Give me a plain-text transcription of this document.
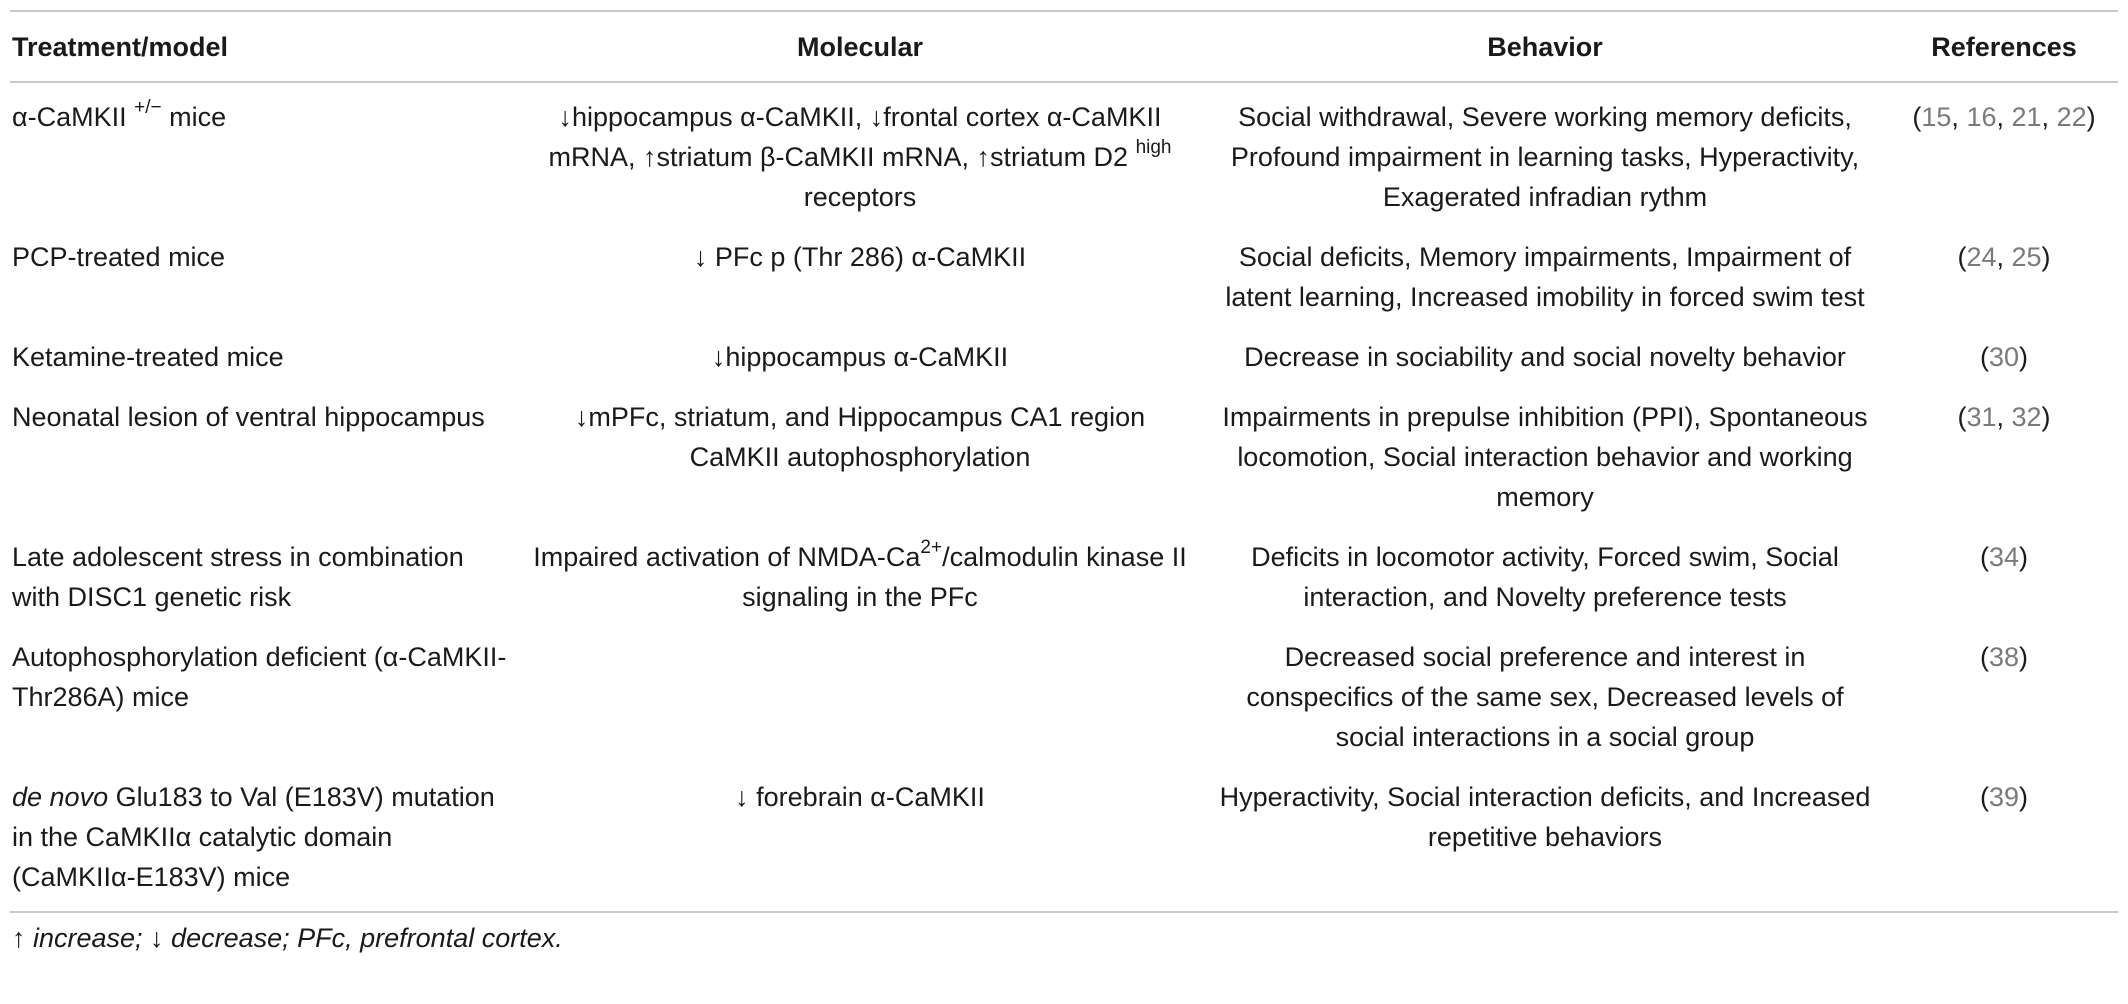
Treatment/model	Molecular	Behavior	References
α-CaMKII +/− mice	↓hippocampus α-CaMKII, ↓frontal cortex α-CaMKII mRNA, ↑striatum β-CaMKII mRNA, ↑striatum D2 $^{high}$ receptors	Social withdrawal, Severe working memory deficits, Profound impairment in learning tasks, Hyperactivity, Exagerated infradian rythm	(15, 16, 21, 22)
PCP-treated mice	↓ PFc p (Thr 286) α-CaMKII	Social deficits, Memory impairments, Impairment of latent learning, Increased imobility in forced swim test	(24, 25)
Ketamine-treated mice	↓hippocampus α-CaMKII	Decrease in sociability and social novelty behavior	(30)
Neonatal lesion of ventral hippocampus	↓mPFc, striatum, and Hippocampus CA1 region CaMKII autophosphorylation	Impairments in prepulse inhibition (PPI), Spontaneous locomotion, Social interaction behavior and working memory	(31, 32)
Late adolescent stress in combination with DISC1 genetic risk	Impaired activation of NMDA-$Ca^{2+}$/calmodulin kinase II signaling in the PFc	Deficits in locomotor activity, Forced swim, Social interaction, and Novelty preference tests	(34)
Autophosphorylation deficient (α-CaMKII-Thr286A) mice		Decreased social preference and interest in conspecifics of the same sex, Decreased levels of social interactions in a social group	(38)
de novo Glu183 to Val (E183V) mutation in the CaMKIIα catalytic domain (CaMKIIα-E183V) mice	↓ forebrain α-CaMKII	Hyperactivity, Social interaction deficits, and Increased repetitive behaviors	(39)
↑ increase; ↓ decrease; PFc, prefrontal cortex.
